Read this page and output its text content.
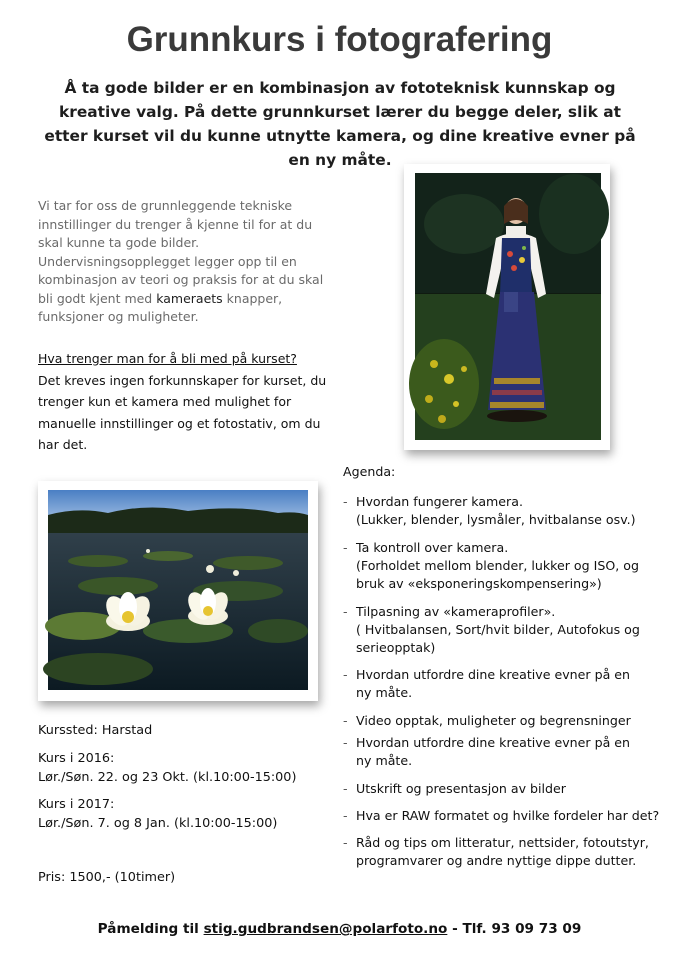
Grunnkurs i fotografering
Å ta gode bilder er en kombinasjon av fototeknisk kunnskap og kreative valg. På dette grunnkurset lærer du begge deler, slik at etter kurset vil du kunne utnytte kamera, og dine kreative evner på en ny måte.
Vi tar for oss de grunnleggende tekniske innstillinger du trenger å kjenne til for at du skal kunne ta gode bilder. Undervisningsopplegget legger opp til en kombinasjon av teori og praksis for at du skal bli godt kjent med kameraets knapper, funksjoner og muligheter.
Hva trenger man for å bli med på kurset?
Det kreves ingen forkunnskaper for kurset, du trenger kun et kamera med mulighet for manuelle innstillinger og et fotostativ, om du har det.
Agenda:
- Hvordan fungerer kamera.
(Lukker, blender, lysmåler, hvitbalanse osv.)
- Ta kontroll over kamera.
(Forholdet mellom blender, lukker og ISO, og bruk av «eksponeringskompensering»)
- Tilpasning av «kameraprofiler».
( Hvitbalansen, Sort/hvit bilder, Autofokus og serieopptak)
- Hvordan utfordre dine kreative evner på en ny måte.
- Video opptak, muligheter og begrensninger
- Hvordan utfordre dine kreative evner på en ny måte.
- Utskrift og presentasjon av bilder
- Hva er RAW formatet og hvilke fordeler har det?
- Råd og tips om litteratur, nettsider, fotoutstyr, programvarer og andre nyttige dippe dutter.
Kurssted: Harstad
Kurs i 2016:
Lør./Søn. 22. og 23 Okt. (kl.10:00-15:00)
Kurs i 2017:
Lør./Søn. 7. og 8 Jan. (kl.10:00-15:00)
Pris: 1500,- (10timer)
Påmelding til stig.gudbrandsen@polarfoto.no - Tlf. 93 09 73 09
